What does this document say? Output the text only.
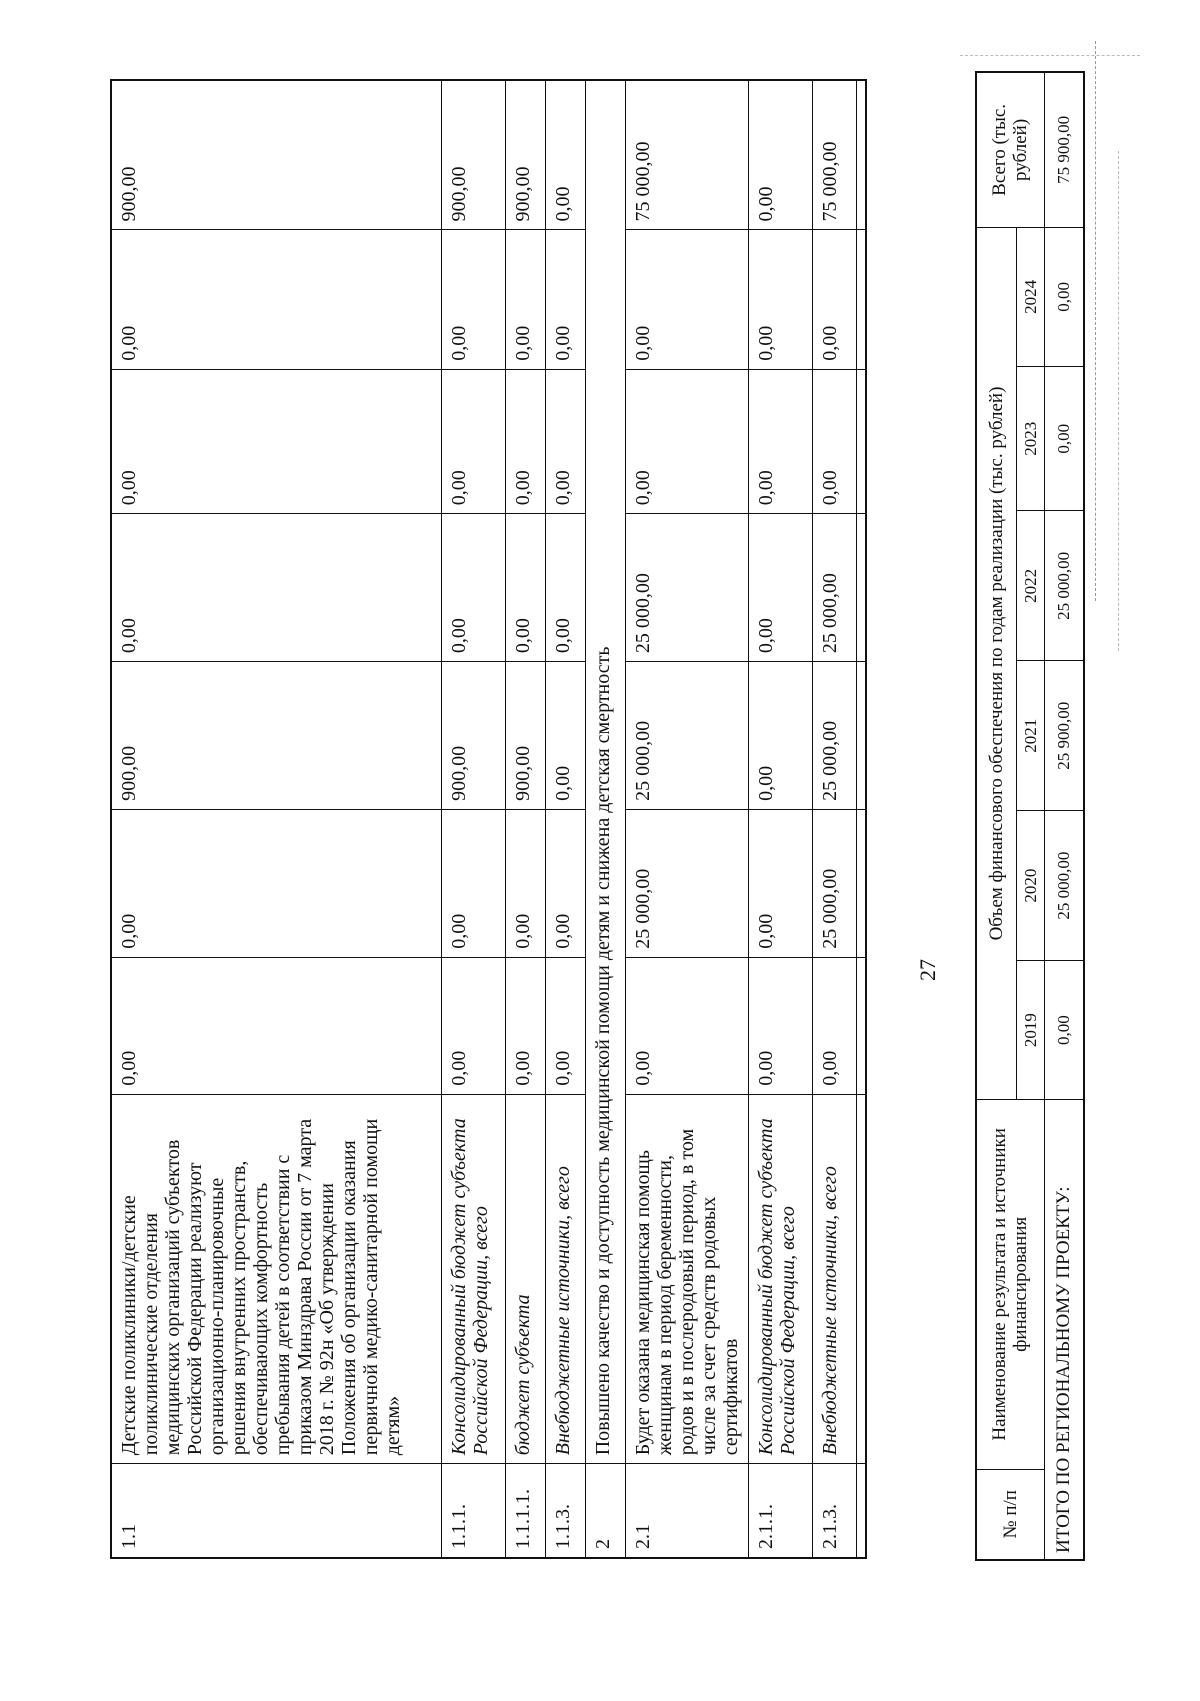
1.1	Детские поликлиники/детские поликлинические отделения медицинских организаций субъектов Российской Федерации реализуют организационно-планировочные решения внутренних пространств, обеспечивающих комфортность пребывания детей в соответствии с приказом Минздрава России от 7 марта 2018 г. № 92н «Об утверждении Положения об организации оказания первичной медико-санитарной помощи детям»	0,00	0,00	900,00	0,00	0,00	0,00	900,00
1.1.1.	Консолидированный бюджет субъекта Российской Федерации, всего	0,00	0,00	900,00	0,00	0,00	0,00	900,00
1.1.1.1.	бюджет субъекта	0,00	0,00	900,00	0,00	0,00	0,00	900,00
1.1.3.	Внебюджетные источники, всего	0,00	0,00	0,00	0,00	0,00	0,00	0,00
2	Повышено качество и доступность медицинской помощи детям и снижена детская смертность							
2.1	Будет оказана медицинская помощь женщинам в период беременности, родов и в послеродовый период, в том числе за счет средств родовых сертификатов	0,00	25 000,00	25 000,00	25 000,00	0,00	0,00	75 000,00
2.1.1.	Консолидированный бюджет субъекта Российской Федерации, всего	0,00	0,00	0,00	0,00	0,00	0,00	0,00
2.1.3.	Внебюджетные источники, всего	0,00	25 000,00	25 000,00	25 000,00	0,00	0,00	75 000,00

27
№ п/п	Наименование результата и источники финансирования	Объем финансового обеспечения по годам реализации (тыс. рублей)						Всего (тыс. рублей)
		2019	2020	2021	2022	2023	2024	
ИТОГО ПО РЕГИОНАЛЬНОМУ ПРОЕКТУ:		0,00	25 000,00	25 900,00	25 000,00	0,00	0,00	75 900,00
